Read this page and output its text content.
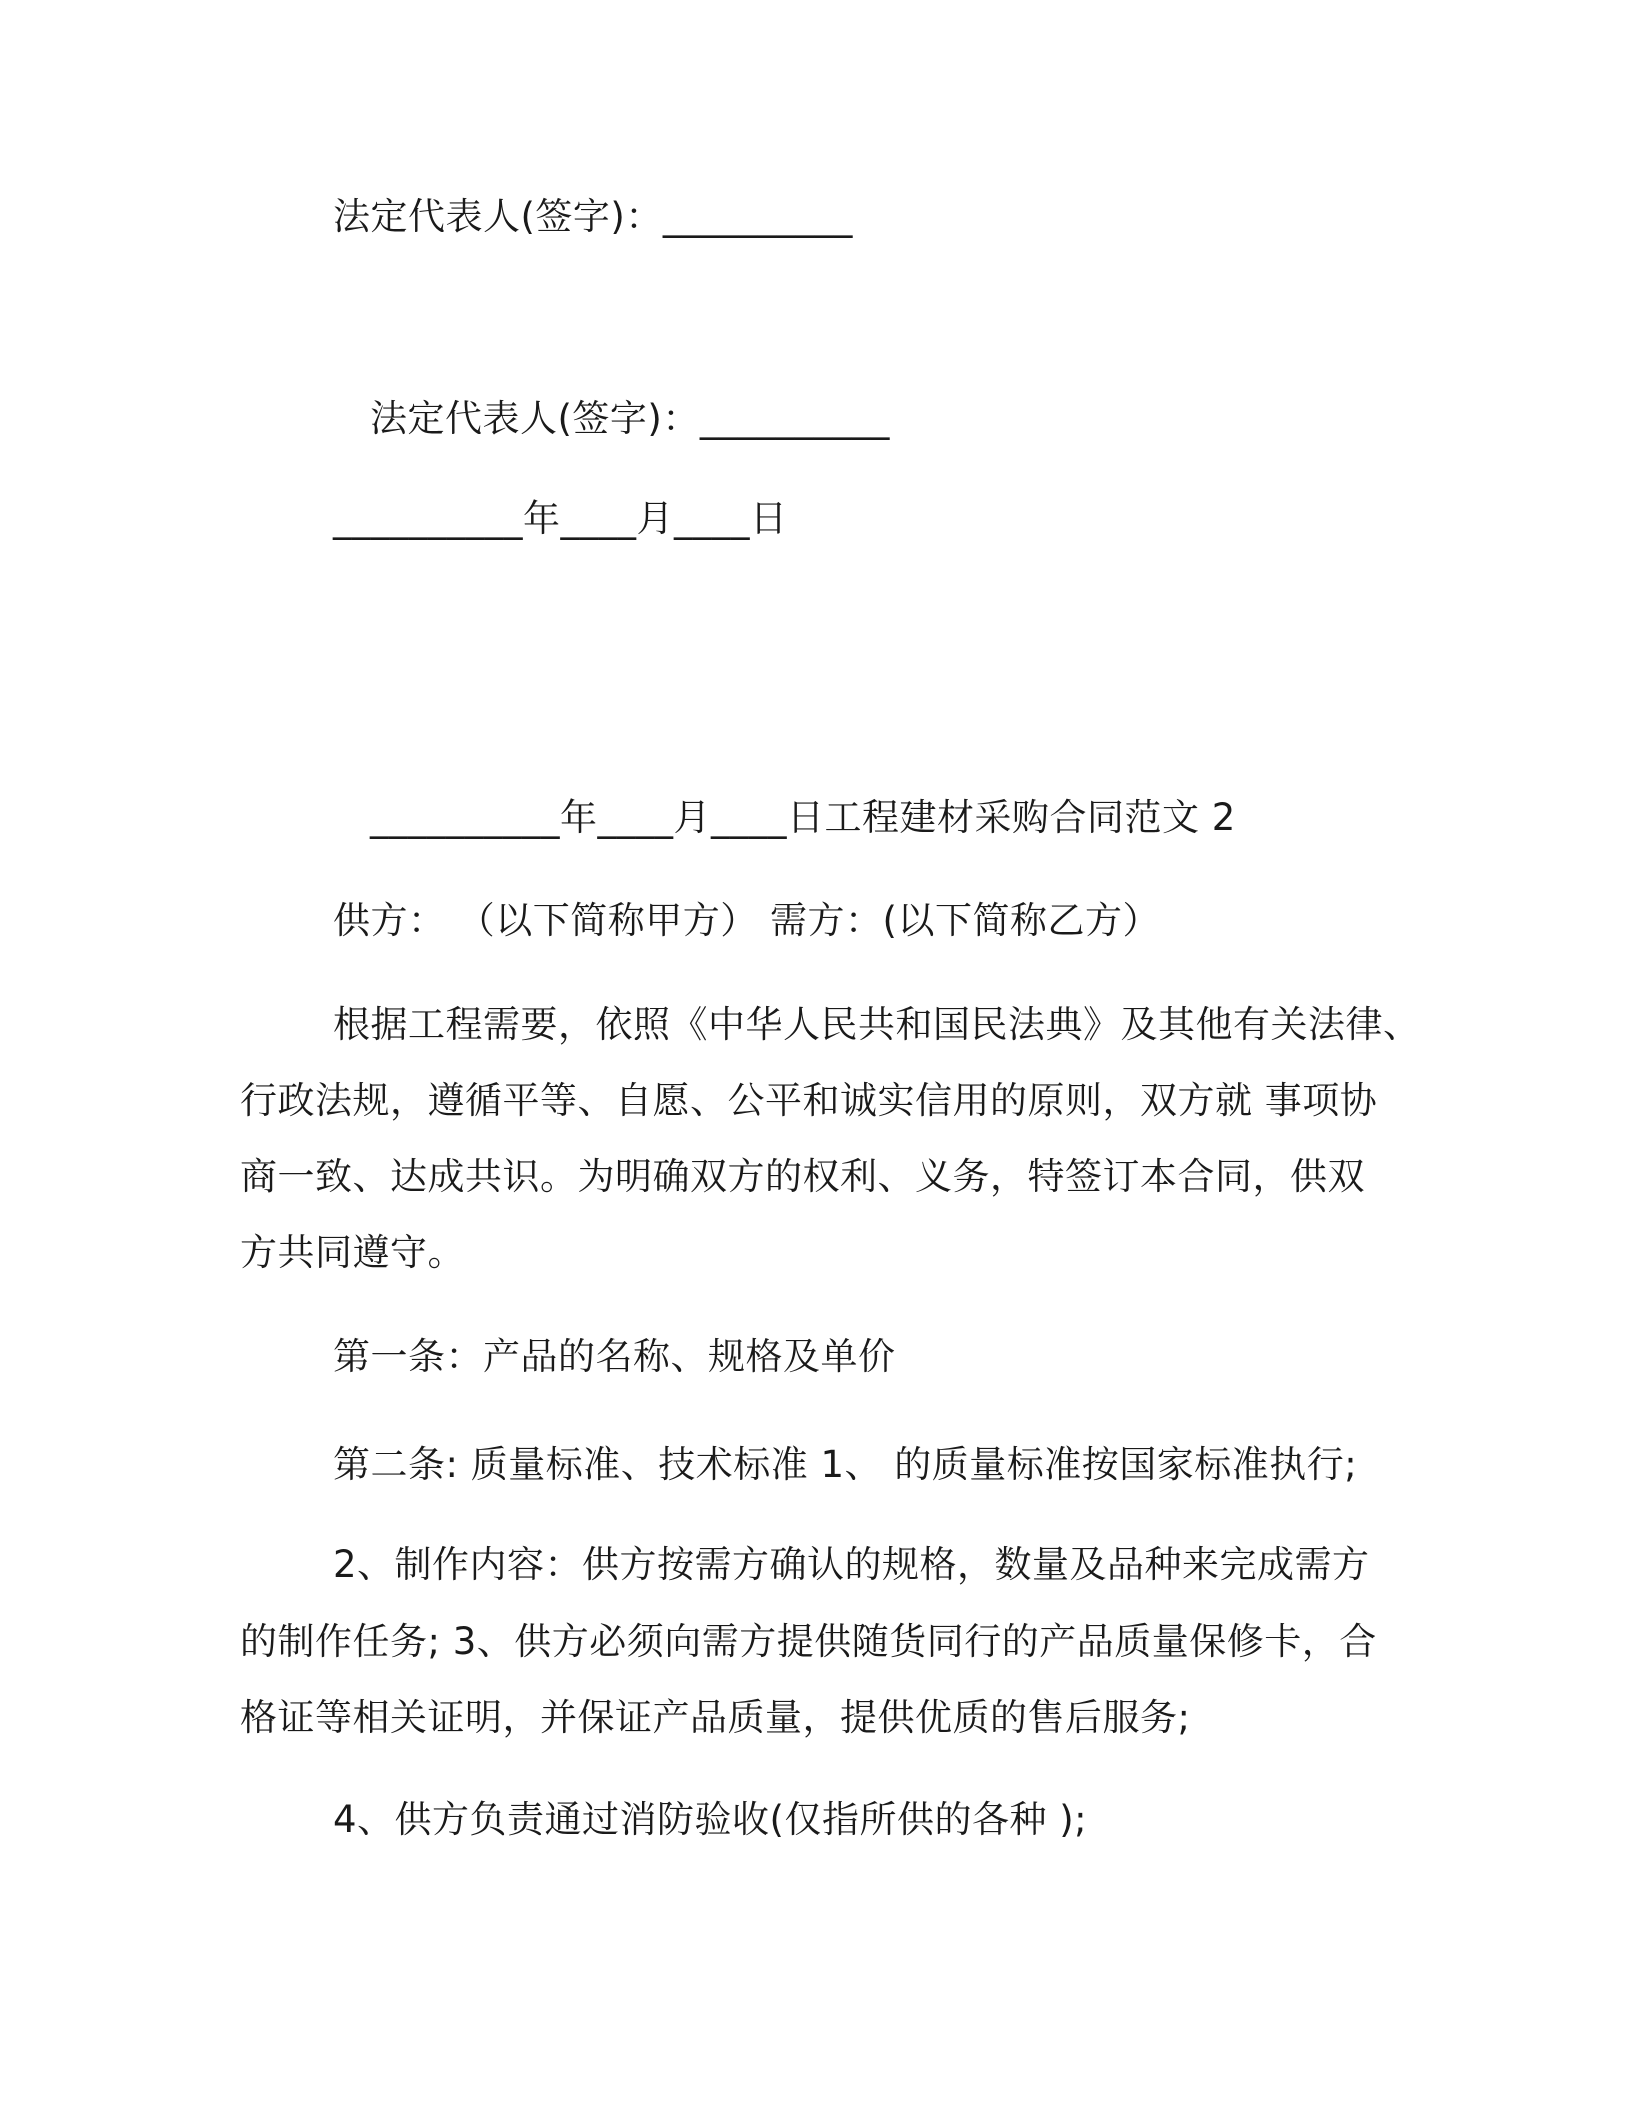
法定代表人(签字)：__________
法定代表人(签字)：__________
__________年____月____日
__________年____月____日工程建材采购合同范文 2
供方： （以下简称甲方） 需方：(以下简称乙方）
根据工程需要，依照《中华人民共和国民法典》及其他有关法律、
行政法规，遵循平等、自愿、公平和诚实信用的原则，双方就 事项协
商一致、达成共识。为明确双方的权利、义务，特签订本合同，供双
方共同遵守。
第一条：产品的名称、规格及单价
第二条: 质量标准、技术标准 1、 的质量标准按国家标准执行;
2、制作内容：供方按需方确认的规格，数量及品种来完成需方
的制作任务; 3、供方必须向需方提供随货同行的产品质量保修卡，合
格证等相关证明，并保证产品质量，提供优质的售后服务;
4、供方负责通过消防验收(仅指所供的各种 );
